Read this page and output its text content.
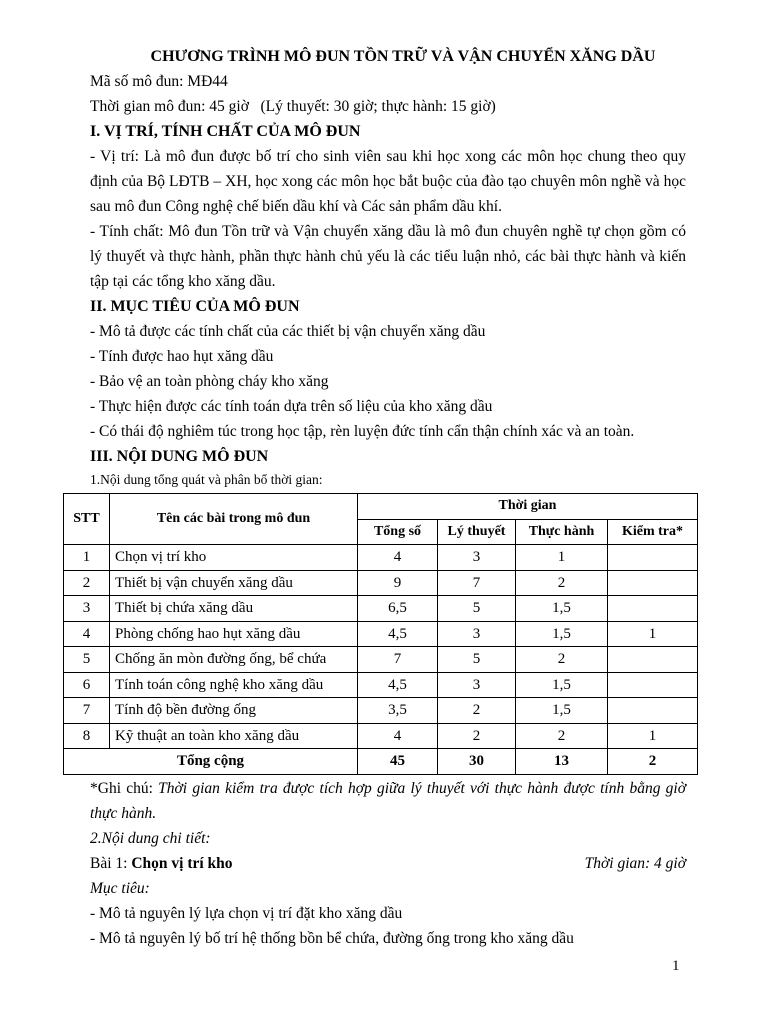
CHƯƠNG TRÌNH MÔ ĐUN TỒN TRỮ VÀ VẬN CHUYỂN XĂNG DẦU
Mã số mô đun: MĐ44
Thời gian mô đun: 45 giờ   (Lý thuyết: 30 giờ; thực hành: 15 giờ)
I. VỊ TRÍ, TÍNH CHẤT CỦA MÔ ĐUN
- Vị trí: Là mô đun được bố trí cho sinh viên sau khi học xong các môn học chung theo quy định của Bộ LĐTB – XH, học xong các môn học bắt buộc của đào tạo chuyên môn nghề và học sau mô đun Công nghệ chế biến dầu khí và Các sản phẩm dầu khí.
- Tính chất: Mô đun Tồn trữ và Vận chuyển xăng dầu là mô đun chuyên nghề tự chọn gồm có lý thuyết và thực hành, phần thực hành chủ yếu là các tiểu luận nhỏ, các bài thực hành và kiến tập tại các tổng kho xăng dầu.
II. MỤC TIÊU CỦA MÔ ĐUN
- Mô tả được các tính chất của các thiết bị vận chuyển xăng dầu
- Tính được hao hụt xăng dầu
- Bảo vệ an toàn phòng cháy kho xăng
- Thực hiện được các tính toán dựa trên số liệu của kho xăng dầu
- Có thái độ nghiêm túc trong học tập, rèn luyện đức tính cẩn thận chính xác và an toàn.
III. NỘI DUNG MÔ ĐUN
1.Nội dung tổng quát và phân bổ thời gian:
STT	Tên các bài trong mô đun	Thời gian			
		Tổng số	Lý thuyết	Thực hành	Kiểm tra*
1	Chọn vị trí kho	4	3	1	
2	Thiết bị vận chuyển xăng dầu	9	7	2	
3	Thiết bị chứa xăng dầu	6,5	5	1,5	
4	Phòng chống hao hụt xăng dầu	4,5	3	1,5	1
5	Chống ăn mòn đường ống, bể chứa	7	5	2	
6	Tính toán công nghệ kho xăng dầu	4,5	3	1,5	
7	Tính độ bền đường ống	3,5	2	1,5	
8	Kỹ thuật an toàn kho xăng dầu	4	2	2	1
Tổng cộng		45	30	13	2
*Ghi chú: Thời gian kiểm tra được tích hợp giữa lý thuyết với thực hành được tính bằng giờ thực hành.
2.Nội dung chi tiết:
Bài 1: Chọn vị trí kho	Thời gian: 4 giờ
Mục tiêu:
- Mô tả nguyên lý lựa chọn vị trí đặt kho xăng dầu
- Mô tả nguyên lý bố trí hệ thống bồn bể chứa, đường ống trong kho xăng dầu
1
